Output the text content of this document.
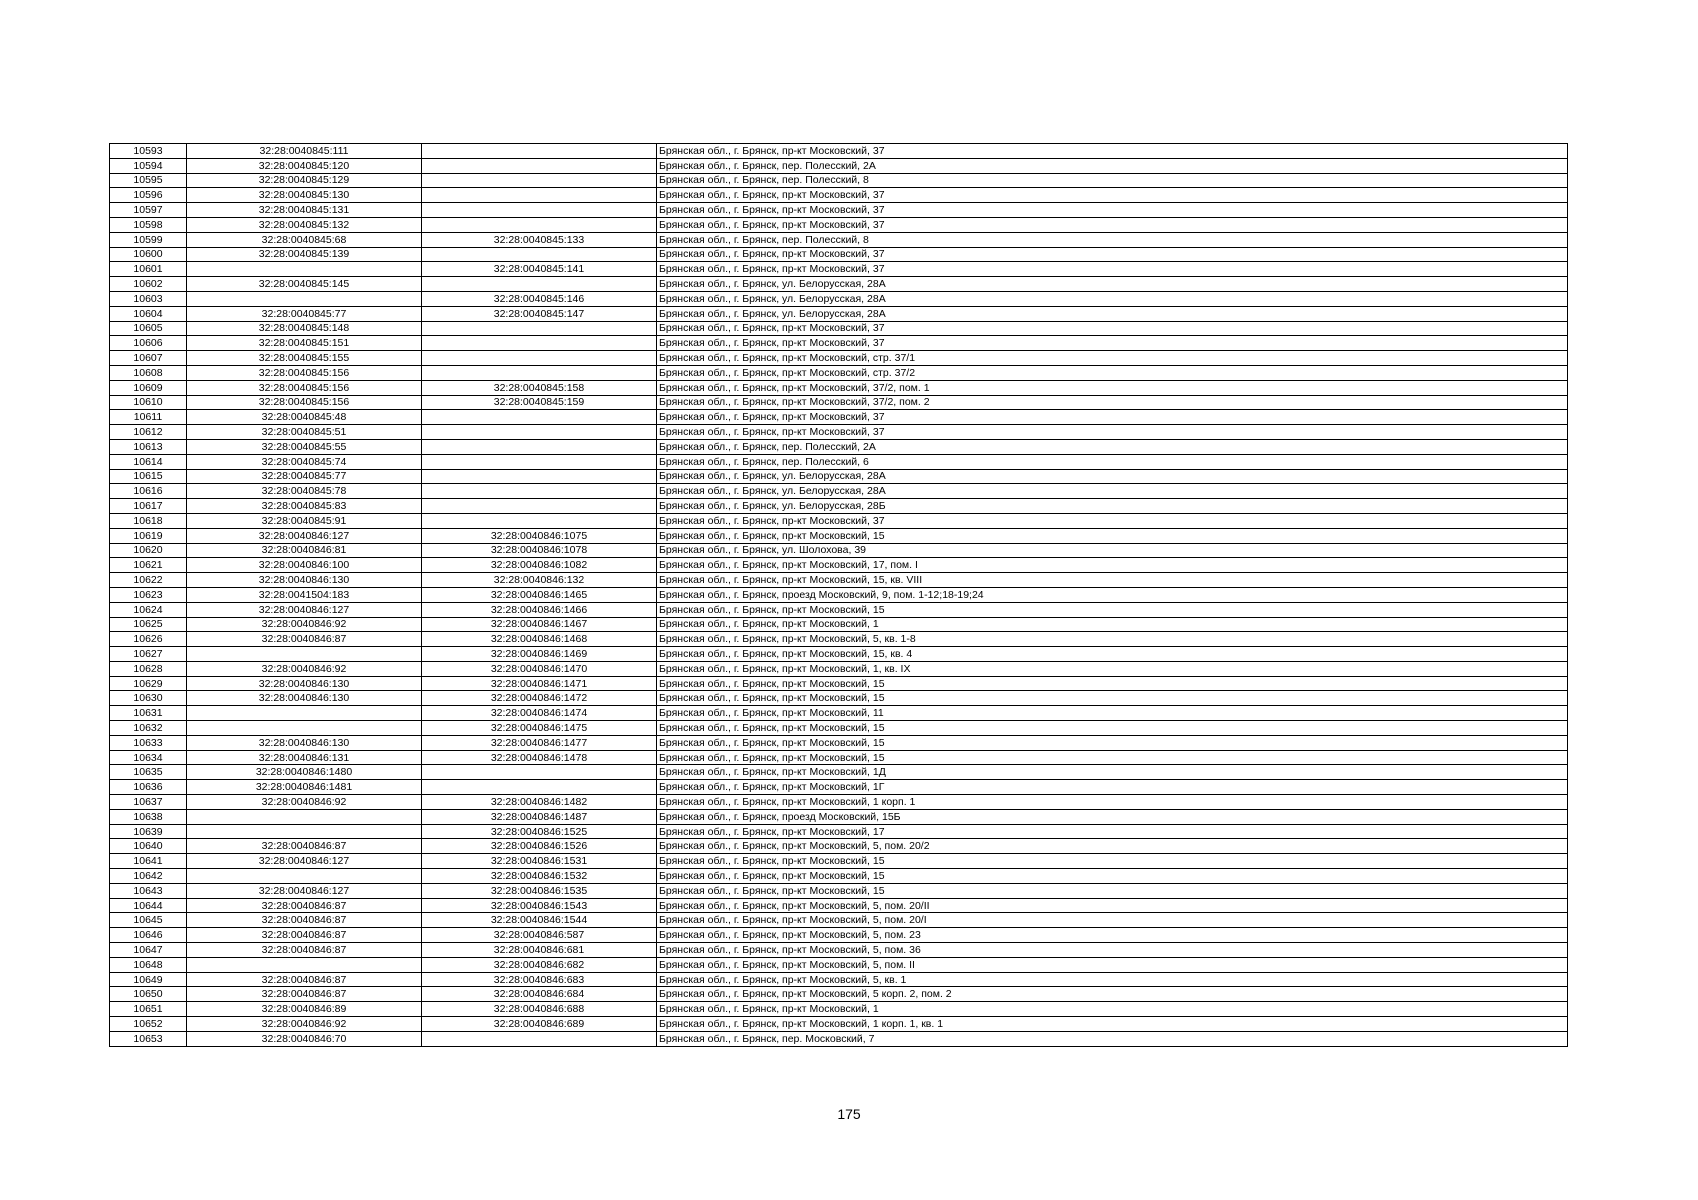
10593	32:28:0040845:111		Брянская обл., г. Брянск, пр-кт Московский, 37
10594	32:28:0040845:120		Брянская обл., г. Брянск, пер. Полесский, 2А
10595	32:28:0040845:129		Брянская обл., г. Брянск, пер. Полесский, 8
10596	32:28:0040845:130		Брянская обл., г. Брянск, пр-кт Московский, 37
10597	32:28:0040845:131		Брянская обл., г. Брянск, пр-кт Московский, 37
10598	32:28:0040845:132		Брянская обл., г. Брянск, пр-кт Московский, 37
10599	32:28:0040845:68	32:28:0040845:133	Брянская обл., г. Брянск, пер. Полесский, 8
10600	32:28:0040845:139		Брянская обл., г. Брянск, пр-кт Московский, 37
10601		32:28:0040845:141	Брянская обл., г. Брянск, пр-кт Московский, 37
10602	32:28:0040845:145		Брянская обл., г. Брянск, ул. Белорусская, 28А
10603		32:28:0040845:146	Брянская обл., г. Брянск, ул. Белорусская, 28А
10604	32:28:0040845:77	32:28:0040845:147	Брянская обл., г. Брянск, ул. Белорусская, 28А
10605	32:28:0040845:148		Брянская обл., г. Брянск, пр-кт Московский, 37
10606	32:28:0040845:151		Брянская обл., г. Брянск, пр-кт Московский, 37
10607	32:28:0040845:155		Брянская обл., г. Брянск, пр-кт Московский, стр. 37/1
10608	32:28:0040845:156		Брянская обл., г. Брянск, пр-кт Московский, стр. 37/2
10609	32:28:0040845:156	32:28:0040845:158	Брянская обл., г. Брянск, пр-кт Московский, 37/2, пом. 1
10610	32:28:0040845:156	32:28:0040845:159	Брянская обл., г. Брянск, пр-кт Московский, 37/2, пом. 2
10611	32:28:0040845:48		Брянская обл., г. Брянск, пр-кт Московский, 37
10612	32:28:0040845:51		Брянская обл., г. Брянск, пр-кт Московский, 37
10613	32:28:0040845:55		Брянская обл., г. Брянск, пер. Полесский, 2А
10614	32:28:0040845:74		Брянская обл., г. Брянск, пер. Полесский, 6
10615	32:28:0040845:77		Брянская обл., г. Брянск, ул. Белорусская, 28А
10616	32:28:0040845:78		Брянская обл., г. Брянск, ул. Белорусская, 28А
10617	32:28:0040845:83		Брянская обл., г. Брянск, ул. Белорусская, 28Б
10618	32:28:0040845:91		Брянская обл., г. Брянск, пр-кт Московский, 37
10619	32:28:0040846:127	32:28:0040846:1075	Брянская обл., г. Брянск, пр-кт Московский, 15
10620	32:28:0040846:81	32:28:0040846:1078	Брянская обл., г. Брянск, ул. Шолохова, 39
10621	32:28:0040846:100	32:28:0040846:1082	Брянская обл., г. Брянск, пр-кт Московский, 17, пом. I
10622	32:28:0040846:130	32:28:0040846:132	Брянская обл., г. Брянск, пр-кт Московский, 15, кв. VIII
10623	32:28:0041504:183	32:28:0040846:1465	Брянская обл., г. Брянск, проезд Московский, 9, пом. 1-12;18-19;24
10624	32:28:0040846:127	32:28:0040846:1466	Брянская обл., г. Брянск, пр-кт Московский, 15
10625	32:28:0040846:92	32:28:0040846:1467	Брянская обл., г. Брянск, пр-кт Московский, 1
10626	32:28:0040846:87	32:28:0040846:1468	Брянская обл., г. Брянск, пр-кт Московский, 5, кв. 1-8
10627		32:28:0040846:1469	Брянская обл., г. Брянск, пр-кт Московский, 15, кв. 4
10628	32:28:0040846:92	32:28:0040846:1470	Брянская обл., г. Брянск, пр-кт Московский, 1, кв. IX
10629	32:28:0040846:130	32:28:0040846:1471	Брянская обл., г. Брянск, пр-кт Московский, 15
10630	32:28:0040846:130	32:28:0040846:1472	Брянская обл., г. Брянск, пр-кт Московский, 15
10631		32:28:0040846:1474	Брянская обл., г. Брянск, пр-кт Московский, 11
10632		32:28:0040846:1475	Брянская обл., г. Брянск, пр-кт Московский, 15
10633	32:28:0040846:130	32:28:0040846:1477	Брянская обл., г. Брянск, пр-кт Московский, 15
10634	32:28:0040846:131	32:28:0040846:1478	Брянская обл., г. Брянск, пр-кт Московский, 15
10635	32:28:0040846:1480		Брянская обл., г. Брянск, пр-кт Московский, 1Д
10636	32:28:0040846:1481		Брянская обл., г. Брянск, пр-кт Московский, 1Г
10637	32:28:0040846:92	32:28:0040846:1482	Брянская обл., г. Брянск, пр-кт Московский, 1 корп. 1
10638		32:28:0040846:1487	Брянская обл., г. Брянск, проезд Московский, 15Б
10639		32:28:0040846:1525	Брянская обл., г. Брянск, пр-кт Московский, 17
10640	32:28:0040846:87	32:28:0040846:1526	Брянская обл., г. Брянск, пр-кт Московский, 5, пом. 20/2
10641	32:28:0040846:127	32:28:0040846:1531	Брянская обл., г. Брянск, пр-кт Московский, 15
10642		32:28:0040846:1532	Брянская обл., г. Брянск, пр-кт Московский, 15
10643	32:28:0040846:127	32:28:0040846:1535	Брянская обл., г. Брянск, пр-кт Московский, 15
10644	32:28:0040846:87	32:28:0040846:1543	Брянская обл., г. Брянск, пр-кт Московский, 5, пом. 20/II
10645	32:28:0040846:87	32:28:0040846:1544	Брянская обл., г. Брянск, пр-кт Московский, 5, пом. 20/I
10646	32:28:0040846:87	32:28:0040846:587	Брянская обл., г. Брянск, пр-кт Московский, 5, пом. 23
10647	32:28:0040846:87	32:28:0040846:681	Брянская обл., г. Брянск, пр-кт Московский, 5, пом. 36
10648		32:28:0040846:682	Брянская обл., г. Брянск, пр-кт Московский, 5, пом. II
10649	32:28:0040846:87	32:28:0040846:683	Брянская обл., г. Брянск, пр-кт Московский, 5, кв. 1
10650	32:28:0040846:87	32:28:0040846:684	Брянская обл., г. Брянск, пр-кт Московский, 5 корп. 2, пом. 2
10651	32:28:0040846:89	32:28:0040846:688	Брянская обл., г. Брянск, пр-кт Московский, 1
10652	32:28:0040846:92	32:28:0040846:689	Брянская обл., г. Брянск, пр-кт Московский, 1 корп. 1, кв. 1
10653	32:28:0040846:70		Брянская обл., г. Брянск, пер. Московский, 7
175
